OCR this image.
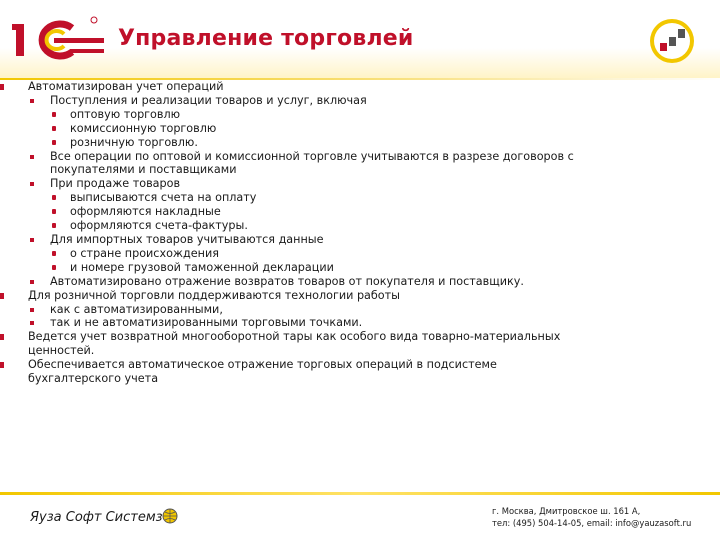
Управление торговлей
Автоматизирован учет операций
Поступления и реализации товаров и услуг, включая
оптовую торговлю
комиссионную торговлю
розничную торговлю.
Все операции по оптовой и комиссионной торговле учитываются в разрезе договоров с
покупателями и поставщиками
При продаже товаров
выписываются счета на оплату
оформляются накладные
оформляются счета-фактуры.
Для импортных товаров учитываются данные
о стране происхождения
и номере грузовой таможенной декларации
Автоматизировано отражение возвратов товаров от покупателя и поставщику.
Для розничной торговли поддерживаются технологии работы
как с автоматизированными,
так и не автоматизированными торговыми точками.
Ведется учет возвратной многооборотной тары как особого вида товарно-материальных
ценностей.
Обеспечивается автоматическое отражение торговых операций в подсистеме
бухгалтерского учета
Яуза Софт Системз	г. Москва, Дмитровское ш. 161 А,
тел: (495) 504-14-05, email: info@yauzasoft.ru
